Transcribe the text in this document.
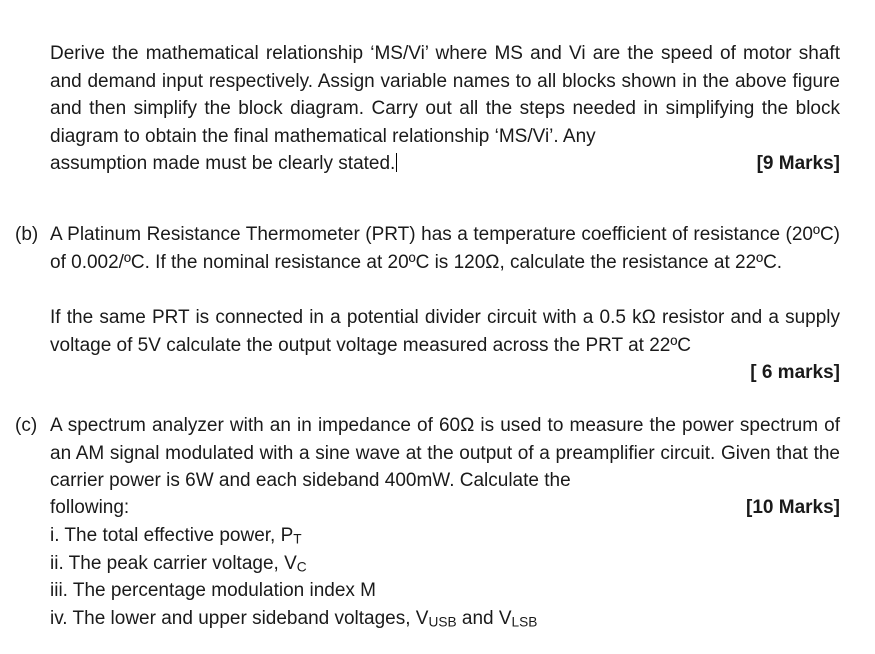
Derive the mathematical relationship ‘MS/Vi’ where MS and Vi are the speed of motor shaft and demand input respectively. Assign variable names to all blocks shown in the above figure and then simplify the block diagram. Carry out all the steps needed in simplifying the block diagram to obtain the final mathematical relationship ‘MS/Vi’. Any
assumption made must be clearly stated.	[9 Marks]
(b) A Platinum Resistance Thermometer (PRT) has a temperature coefficient of resistance (20ºC) of 0.002/ºC. If the nominal resistance at 20ºC is 120Ω, calculate the resistance at 22ºC.
If the same PRT is connected in a potential divider circuit with a 0.5 kΩ resistor and a supply voltage of 5V calculate the output voltage measured across the PRT at 22ºC
[ 6 marks]
(c) A spectrum analyzer with an in impedance of 60Ω is used to measure the power spectrum of an AM signal modulated with a sine wave at the output of a preamplifier circuit. Given that the carrier power is 6W and each sideband 400mW. Calculate the
following:	[10 Marks]
i. The total effective power, $P_T$
ii. The peak carrier voltage, $V_C$
iii. The percentage modulation index M
iv. The lower and upper sideband voltages, $V_{USB}$ and $V_{LSB}$
